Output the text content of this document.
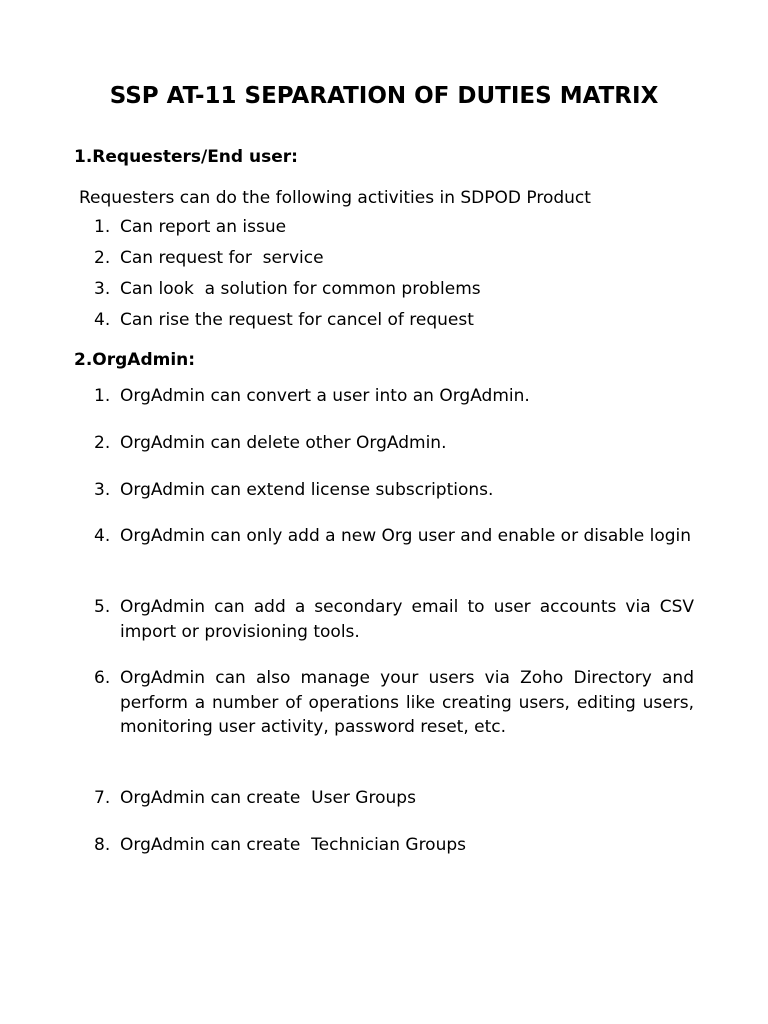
SSP AT-11 SEPARATION OF DUTIES MATRIX
1.Requesters/End user:
Requesters can do the following activities in SDPOD Product
1. Can report an issue
2. Can request for  service
3. Can look  a solution for common problems
4. Can rise the request for cancel of request
2.OrgAdmin:
1. OrgAdmin can convert a user into an OrgAdmin.
2. OrgAdmin can delete other OrgAdmin.
3. OrgAdmin can extend license subscriptions.
4. OrgAdmin can only add a new Org user and enable or disable login
5. OrgAdmin can add a secondary email to user accounts via CSV import or provisioning tools.
6. OrgAdmin can also manage your users via Zoho Directory and perform a number of operations like creating users, editing users, monitoring user activity, password reset, etc.
7. OrgAdmin can create  User Groups
8. OrgAdmin can create  Technician Groups
